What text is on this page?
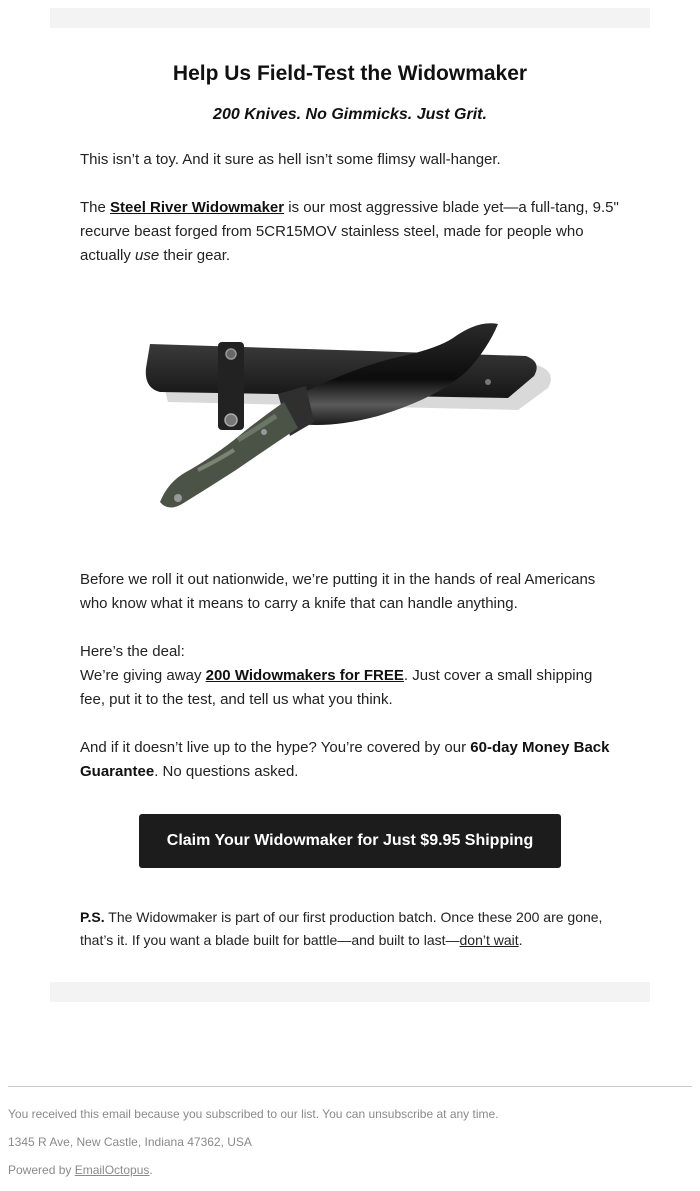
Help Us Field-Test the Widowmaker
200 Knives. No Gimmicks. Just Grit.

This isn’t a toy. And it sure as hell isn’t some flimsy wall-hanger.

The Steel River Widowmaker is our most aggressive blade yet—a full-tang, 9.5" recurve beast forged from 5CR15MOV stainless steel, made for people who actually use their gear.

Before we roll it out nationwide, we’re putting it in the hands of real Americans who know what it means to carry a knife that can handle anything.

Here’s the deal:
We’re giving away 200 Widowmakers for FREE. Just cover a small shipping fee, put it to the test, and tell us what you think.

And if it doesn’t live up to the hype? You’re covered by our 60-day Money Back Guarantee. No questions asked.

Claim Your Widowmaker for Just $9.95 Shipping

P.S. The Widowmaker is part of our first production batch. Once these 200 are gone, that’s it. If you want a blade built for battle—and built to last—don’t wait.

You received this email because you subscribed to our list. You can unsubscribe at any time.
1345 R Ave, New Castle, Indiana 47362, USA
Powered by EmailOctopus.
